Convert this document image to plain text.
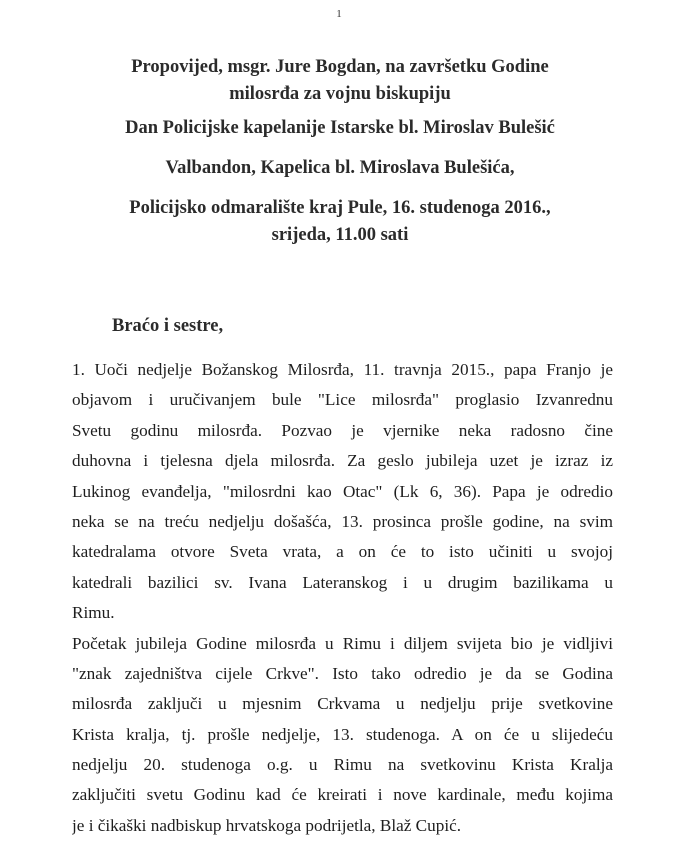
1
Propovijed, msgr. Jure Bogdan, na završetku Godine
milosrđa za vojnu biskupiju
Dan Policijske kapelanije Istarske bl. Miroslav Bulešić
Valbandon, Kapelica bl. Miroslava Bulešića,
Policijsko odmaralište kraj Pule, 16. studenoga 2016.,
srijeda, 11.00 sati
Braćo i sestre,
1. Uoči nedjelje Božanskog Milosrđa, 11. travnja 2015., papa Franjo je
objavom i uručivanjem bule "Lice milosrđa" proglasio Izvanrednu
Svetu godinu milosrđa. Pozvao je vjernike neka radosno čine
duhovna i tjelesna djela milosrđa. Za geslo jubileja uzet je izraz iz
Lukinog evanđelja, "milosrdni kao Otac" (Lk 6, 36). Papa je odredio
neka se na treću nedjelju došašća, 13. prosinca prošle godine, na svim
katedralama otvore Sveta vrata, a on će to isto učiniti u svojoj
katedrali bazilici sv. Ivana Lateranskog i u drugim bazilikama u
Rimu.
Početak jubileja Godine milosrđa u Rimu i diljem svijeta bio je vidljivi
"znak zajedništva cijele Crkve". Isto tako odredio je da se Godina
milosrđa zaključi u mjesnim Crkvama u nedjelju prije svetkovine
Krista kralja, tj. prošle nedjelje, 13. studenoga. A on će u slijedeću
nedjelju 20. studenoga o.g. u Rimu na svetkovinu Krista Kralja
zaključiti svetu Godinu kad će kreirati i nove kardinale, među kojima
je i čikaški nadbiskup hrvatskoga podrijetla, Blaž Cupić.
